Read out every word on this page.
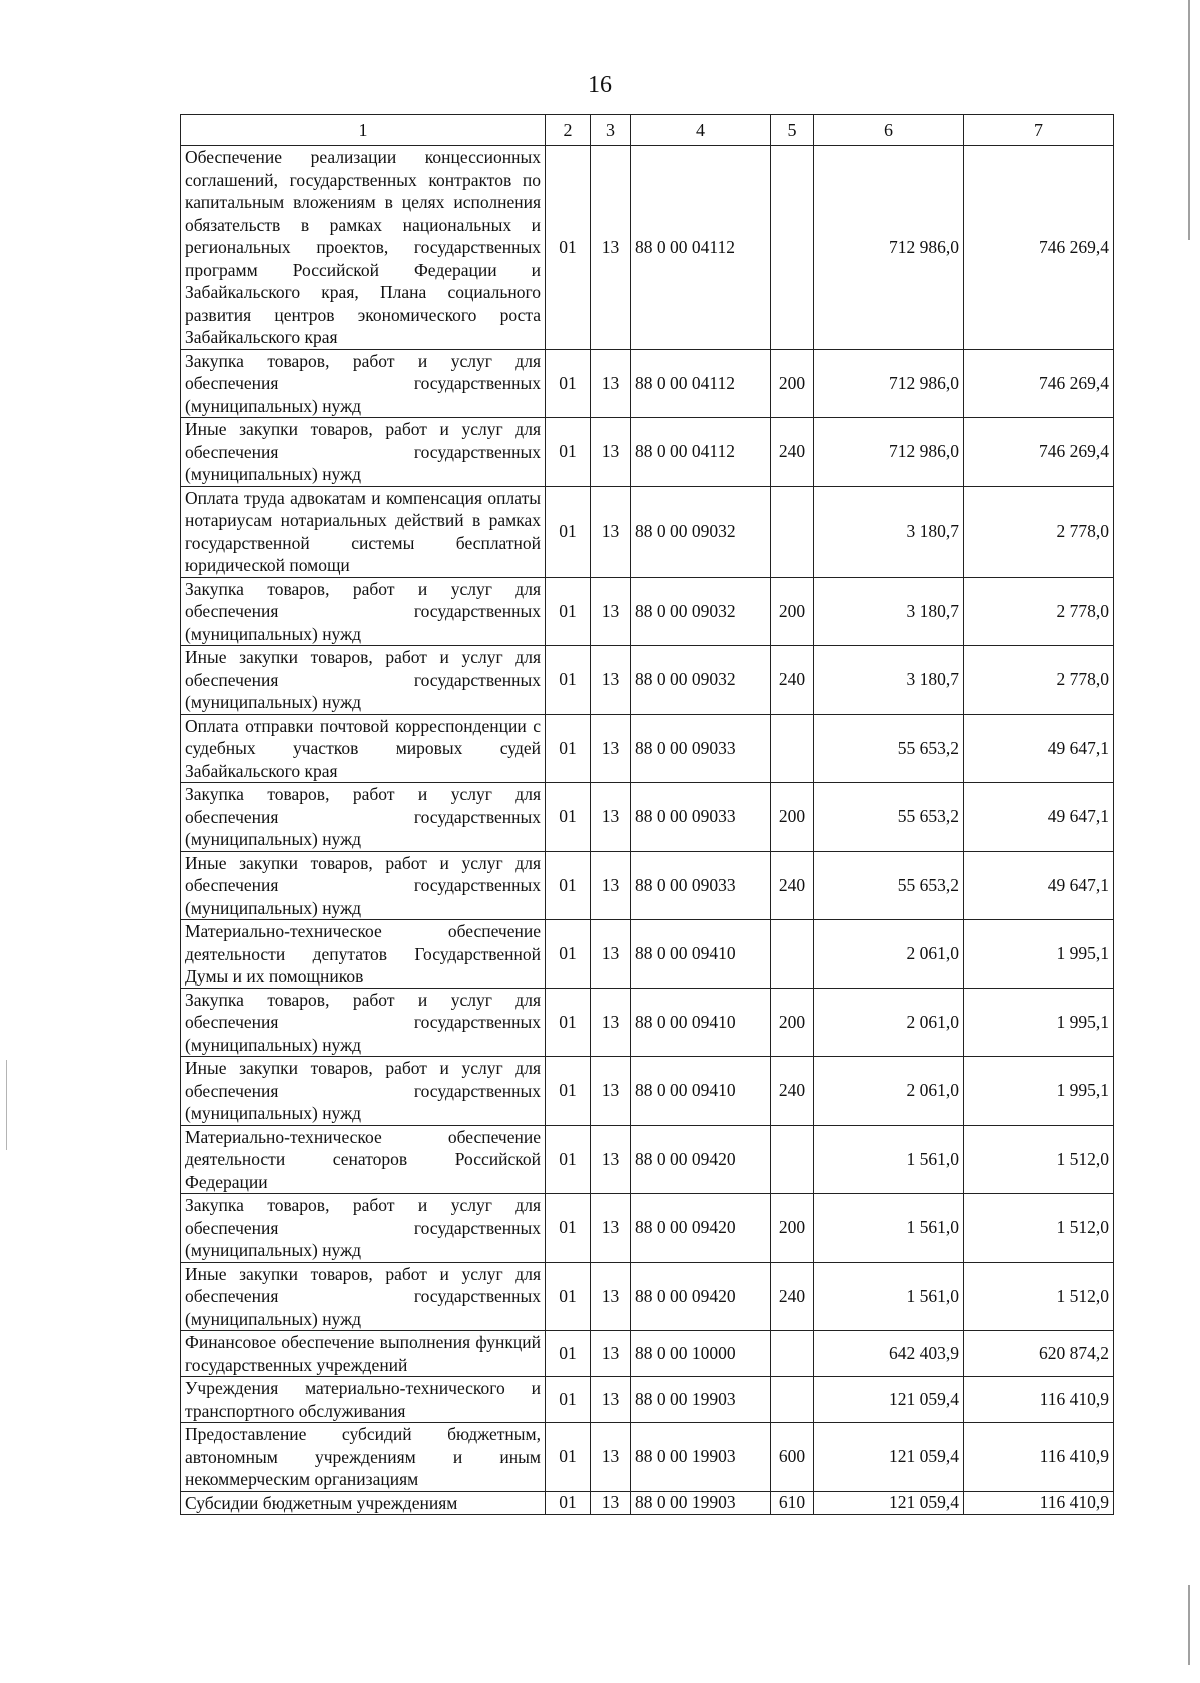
16
1	2	3	4	5	6	7
Обеспечение реализации концессионных соглашений, государственных контрактов по капитальным вложениям в целях исполнения обязательств в рамках национальных и региональных проектов, государственных программ Российской Федерации и Забайкальского края, Плана социального развития центров экономического роста Забайкальского края	01	13	88 0 00 04112		712 986,0	746 269,4
Закупка товаров, работ и услуг для обеспечения государственных (муниципальных) нужд	01	13	88 0 00 04112	200	712 986,0	746 269,4
Иные закупки товаров, работ и услуг для обеспечения государственных (муниципальных) нужд	01	13	88 0 00 04112	240	712 986,0	746 269,4
Оплата труда адвокатам и компенсация оплаты нотариусам нотариальных действий в рамках государственной системы бесплатной юридической помощи	01	13	88 0 00 09032		3 180,7	2 778,0
Закупка товаров, работ и услуг для обеспечения государственных (муниципальных) нужд	01	13	88 0 00 09032	200	3 180,7	2 778,0
Иные закупки товаров, работ и услуг для обеспечения государственных (муниципальных) нужд	01	13	88 0 00 09032	240	3 180,7	2 778,0
Оплата отправки почтовой корреспонденции с судебных участков мировых судей Забайкальского края	01	13	88 0 00 09033		55 653,2	49 647,1
Закупка товаров, работ и услуг для обеспечения государственных (муниципальных) нужд	01	13	88 0 00 09033	200	55 653,2	49 647,1
Иные закупки товаров, работ и услуг для обеспечения государственных (муниципальных) нужд	01	13	88 0 00 09033	240	55 653,2	49 647,1
Материально-техническое обеспечение деятельности депутатов Государственной Думы и их помощников	01	13	88 0 00 09410		2 061,0	1 995,1
Закупка товаров, работ и услуг для обеспечения государственных (муниципальных) нужд	01	13	88 0 00 09410	200	2 061,0	1 995,1
Иные закупки товаров, работ и услуг для обеспечения государственных (муниципальных) нужд	01	13	88 0 00 09410	240	2 061,0	1 995,1
Материально-техническое обеспечение деятельности сенаторов Российской Федерации	01	13	88 0 00 09420		1 561,0	1 512,0
Закупка товаров, работ и услуг для обеспечения государственных (муниципальных) нужд	01	13	88 0 00 09420	200	1 561,0	1 512,0
Иные закупки товаров, работ и услуг для обеспечения государственных (муниципальных) нужд	01	13	88 0 00 09420	240	1 561,0	1 512,0
Финансовое обеспечение выполнения функций государственных учреждений	01	13	88 0 00 10000		642 403,9	620 874,2
Учреждения материально-технического и транспортного обслуживания	01	13	88 0 00 19903		121 059,4	116 410,9
Предоставление субсидий бюджетным, автономным учреждениям и иным некоммерческим организациям	01	13	88 0 00 19903	600	121 059,4	116 410,9
Субсидии бюджетным учреждениям	01	13	88 0 00 19903	610	121 059,4	116 410,9
